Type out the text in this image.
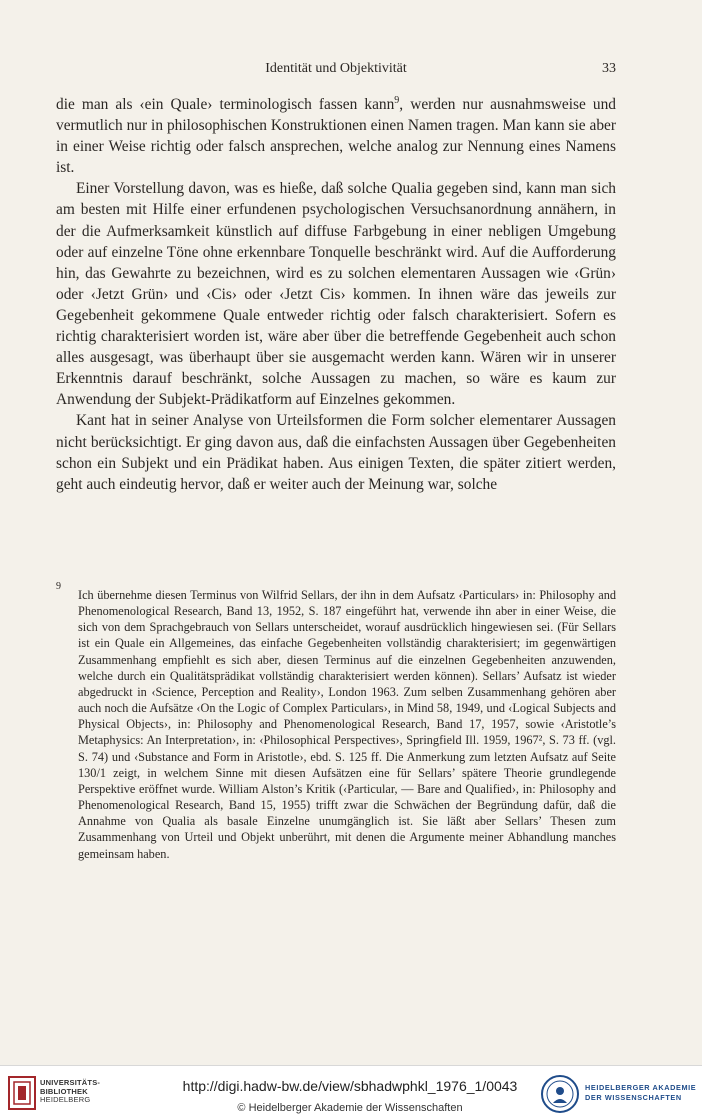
Identität und Objektivität	33

die man als ‹ein Quale› terminologisch fassen kann$^9$, werden nur ausnahmsweise und vermutlich nur in philosophischen Konstruktionen einen Namen tragen. Man kann sie aber in einer Weise richtig oder falsch ansprechen, welche analog zur Nennung eines Namens ist.

Einer Vorstellung davon, was es hieße, daß solche Qualia gegeben sind, kann man sich am besten mit Hilfe einer erfundenen psychologischen Versuchsanordnung annähern, in der die Aufmerksamkeit künstlich auf diffuse Farbgebung in einer nebligen Umgebung oder auf einzelne Töne ohne erkennbare Tonquelle beschränkt wird. Auf die Aufforderung hin, das Gewahrte zu bezeichnen, wird es zu solchen elementaren Aussagen wie ‹Grün› oder ‹Jetzt Grün› und ‹Cis› oder ‹Jetzt Cis› kommen. In ihnen wäre das jeweils zur Gegebenheit gekommene Quale entweder richtig oder falsch charakterisiert. Sofern es richtig charakterisiert worden ist, wäre aber über die betreffende Gegebenheit auch schon alles ausgesagt, was überhaupt über sie ausgemacht werden kann. Wären wir in unserer Erkenntnis darauf beschränkt, solche Aussagen zu machen, so wäre es kaum zur Anwendung der Subjekt-Prädikatform auf Einzelnes gekommen.

Kant hat in seiner Analyse von Urteilsformen die Form solcher elementarer Aussagen nicht berücksichtigt. Er ging davon aus, daß die einfachsten Aussagen über Gegebenheiten schon ein Subjekt und ein Prädikat haben. Aus einigen Texten, die später zitiert werden, geht auch eindeutig hervor, daß er weiter auch der Meinung war, solche

9
Ich übernehme diesen Terminus von Wilfrid Sellars, der ihn in dem Aufsatz ‹Particulars› in: Philosophy and Phenomenological Research, Band 13, 1952, S. 187 eingeführt hat, verwende ihn aber in einer Weise, die sich von dem Sprachgebrauch von Sellars unterscheidet, worauf ausdrücklich hingewiesen sei. (Für Sellars ist ein Quale ein Allgemeines, das einfache Gegebenheiten vollständig charakterisiert; im gegenwärtigen Zusammenhang empfiehlt es sich aber, diesen Terminus auf die einzelnen Gegebenheiten anzuwenden, welche durch ein Qualitätsprädikat vollständig charakterisiert werden können). Sellars’ Aufsatz ist wieder abgedruckt in ‹Science, Perception and Reality›, London 1963. Zum selben Zusammenhang gehören aber auch noch die Aufsätze ‹On the Logic of Complex Particulars›, in Mind 58, 1949, und ‹Logical Subjects and Physical Objects›, in: Philosophy and Phenomenological Research, Band 17, 1957, sowie ‹Aristotle’s Metaphysics: An Interpretation›, in: ‹Philosophical Perspectives›, Springfield Ill. 1959, 1967², S. 73 ff. (vgl. S. 74) und ‹Substance and Form in Aristotle›, ebd. S. 125 ff. Die Anmerkung zum letzten Aufsatz auf Seite 130/1 zeigt, in welchem Sinne mit diesen Aufsätzen eine für Sellars’ spätere Theorie grundlegende Perspektive eröffnet wurde. William Alston’s Kritik (‹Particular, — Bare and Qualified›, in: Philosophy and Phenomenological Research, Band 15, 1955) trifft zwar die Schwächen der Begründung dafür, daß die Annahme von Qualia als basale Einzelne unumgänglich ist. Sie läßt aber Sellars’ Thesen zum Zusammenhang von Urteil und Objekt unberührt, mit denen die Argumente meiner Abhandlung manches gemeinsam haben.
UNIVERSITÄTS-
BIBLIOTHEK
HEIDELBERG
http://digi.hadw-bw.de/view/sbhadwphkl_1976_1/0043
© Heidelberger Akademie der Wissenschaften
HEIDELBERGER AKADEMIE
DER WISSENSCHAFTEN
